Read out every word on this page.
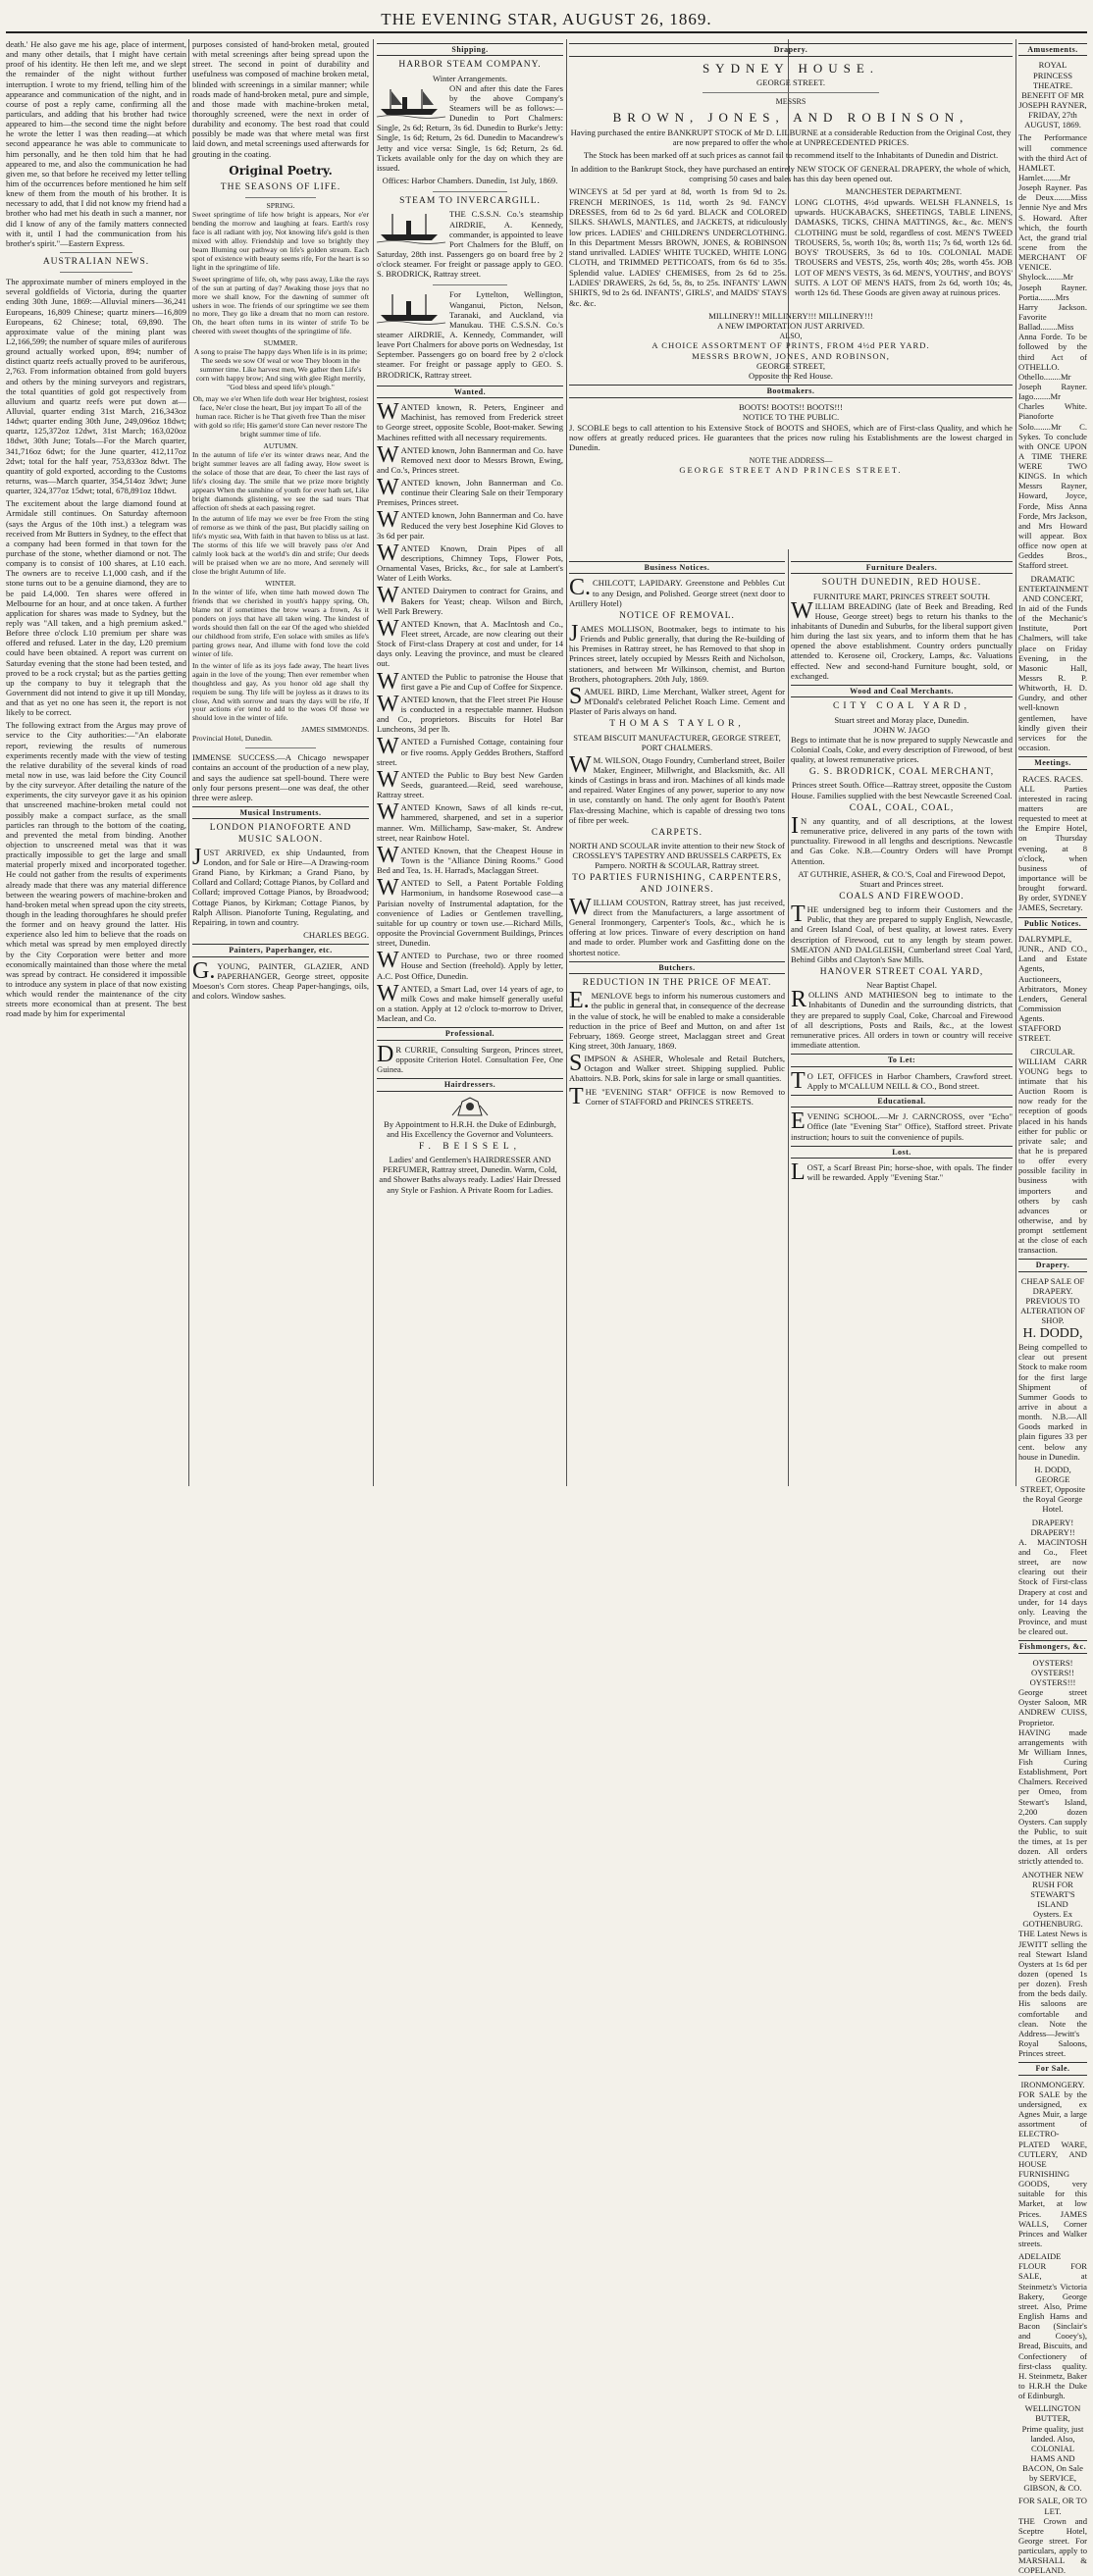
THE EVENING STAR, AUGUST 26, 1869.

death.' He also gave me his age, place of interment, and many other details, that I might have certain proof of his identity. He then left me, and we slept the remainder of the night without further interruption. I wrote to my friend, telling him of the appearance and communication of the night, and in course of post a reply came, confirming all the particulars, and adding that his brother had twice appeared to him—the second time the night before he wrote the letter I was then reading—at which second appearance he was able to communicate to him personally, and he then told him that he had appeared to me, and also the communication he had given me, so that before he received my letter telling him of the occurrences before mentioned he him self knew of them from the mouth of his brother. It is necessary to add, that I did not know my friend had a brother who had met his death in such a manner, nor did I know of any of the family matters connected with it, until I had the communication from his brother's spirit."—Eastern Express.

AUSTRALIAN NEWS.

The approximate number of miners employed in the several goldfields of Victoria, during the quarter ending 30th June, 1869:—Alluvial miners—36,241 Europeans, 16,809 Chinese; quartz miners—16,809 Europeans, 62 Chinese; total, 69,890. The approximate value of the mining plant was L2,166,599; the number of square miles of auriferous ground actually worked upon, 894; number of distinct quartz reefs actually proved to be auriferous, 2,763. From information obtained from gold buyers and others by the mining surveyors and registrars, the total quantities of gold got respectively from alluvium and quartz reefs were put down at—Alluvial, quarter ending 31st March, 216,343oz 14dwt; quarter ending 30th June, 249,096oz 18dwt; quartz, 125,372oz 12dwt, 31st March; 163,020oz 18dwt, 30th June; Totals—For the March quarter, 341,716oz 6dwt; for the June quarter, 412,117oz 2dwt; total for the half year, 753,833oz 8dwt. The quantity of gold exported, according to the Customs returns, was—March quarter, 354,514oz 3dwt; June quarter, 324,377oz 15dwt; total, 678,891oz 18dwt.

The excitement about the large diamond found at Armidale still continues. On Saturday afternoon (says the Argus of the 10th inst.) a telegram was received from Mr Butters in Sydney, to the effect that a company had been formed in that town for the purchase of the stone, whether diamond or not. The company is to consist of 100 shares, at L10 each. The owners are to receive L1,000 cash, and if the stone turns out to be a genuine diamond, they are to be paid L4,000. Ten shares were offered in Melbourne for an hour, and at once taken. A further application for shares was made to Sydney, but the reply was "All taken, and a high premium asked." Before three o'clock L10 premium per share was offered and refused. Later in the day, L20 premium could have been obtained. A report was current on Saturday evening that the stone had been tested, and proved to be a rock crystal; but as the parties getting up the company to buy it telegraph that the Government did not intend to give it up till Monday, and that as yet no one has seen it, the report is not likely to be correct.

The following extract from the Argus may prove of service to the City authorities:—"An elaborate report, reviewing the results of numerous experiments recently made with the view of testing the relative durability of the several kinds of road metal now in use, was laid before the City Council by the city surveyor. After detailing the nature of the experiments, the city surveyor gave it as his opinion that unscreened machine-broken metal could not possibly make a compact surface, as the small particles ran through to the bottom of the coating, and prevented the metal from binding. Another objection to unscreened metal was that it was practically impossible to get the large and small material properly mixed and incorporated together. He could not gather from the results of experiments already made that there was any material difference between the wearing powers of machine-broken and hand-broken metal when spread upon the city streets, though in the leading thoroughfares he should prefer the former and on heavy ground the latter. His experience also led him to believe that the roads on which metal was spread by men employed directly by the City Corporation were better and more economically maintained than those where the metal was spread by contract. He considered it impossible to introduce any system in place of that now existing which would render the maintenance of the city streets more economical than at present. The best road made by him for experimental

purposes consisted of hand-broken metal, grouted with metal screenings after being spread upon the street. The second in point of durability and usefulness was composed of machine broken metal, blinded with screenings in a similar manner; while roads made of hand-broken metal, pure and simple, and those made with machine-broken metal, thoroughly screened, were the next in order of durability and economy. The best road that could possibly be made was that where metal was first laid down, and metal screenings used afterwards for grouting in the coating.

Original Poetry.
THE SEASONS OF LIFE.
SPRING.

Sweet springtime of life how bright is appears, Nor e'er bending the morrow and laughing at fears. Earth's rosy face is all radiant with joy, Not knowing life's gold is then mixed with alloy. Friendship and love so brightly they beam Illuming our pathway on life's golden stream. Each spot of existence with beauty seems rife, For the heart is so light in the springtime of life.

Sweet springtime of life, oh, why pass away, Like the rays of the sun at parting of day? Awaking those joys that no more we shall know, For the dawning of summer oft ushers in woe. The friends of our springtime we see them no more, They go like a dream that no morn can restore. Oh, the heart often turns in its winter of strife To be cheered with sweet thoughts of the springtime of life.

SUMMER.

A song to praise The happy days When life is in its prime; The seeds we sow Of weal or woe They bloom in the summer time. Like harvest men, We gather then Life's corn with happy brow; And sing with glee Right merrily, "God bless and speed life's plough."

Oh, may we e'er When life doth wear Her brightest, rosiest face, Ne'er close the heart, But joy impart To all of the human race. Richer is he That giveth free Than the miser with gold so rife; His garner'd store Can never restore The bright summer time of life.

AUTUMN.

In the autumn of life e'er its winter draws near, And the bright summer leaves are all fading away, How sweet is the solace of those that are dear, To cheer the last rays of life's closing day. The smile that we prize more brightly appears When the sunshine of youth for ever hath set, Like bright diamonds glistening, we see the sad tears That affection oft sheds at each passing regret.

In the autumn of life may we ever be free From the sting of remorse as we think of the past, But placidly sailing on life's mystic sea, With faith in that haven to bliss us at last. The storms of this life we will bravely pass o'er And calmly look back at the world's din and strife; Our deeds will be praised when we are no more, And serenely will close the bright Autumn of life.

WINTER.

In the winter of life, when time hath mowed down The friends that we cherished in youth's happy spring, Oh, blame not if sometimes the brow wears a frown, As it ponders on joys that have all taken wing. The kindest of words should then fall on the ear Of the aged who shielded our childhood from strife, E'en solace with smiles as life's parting grows near, And illume with fond love the cold winter of life.

In the winter of life as its joys fade away, The heart lives again in the love of the young; Then ever remember when thoughtless and gay, As you honor old age shall thy requiem be sung. Thy life will be joyless as it draws to its close, And with sorrow and tears thy days will be rife, If your actions e'er tend to add to the woes Of those we should love in the winter of life.

JAMES SIMMONDS.
Provincial Hotel, Dunedin.

IMMENSE SUCCESS.—A Chicago newspaper contains an account of the production of a new play, and says the audience sat spell-bound. There were only four persons present—one was deaf, the other three were asleep.

Musical Instruments.
LONDON PIANOFORTE AND MUSIC SALOON.

JUST ARRIVED, ex ship Undaunted, from London, and for Sale or Hire—A Drawing-room Grand Piano, by Kirkman; a Grand Piano, by Collard and Collard; Cottage Pianos, by Collard and Collard; improved Cottage Pianos, by Broadwood; Cottage Pianos, by Kirkman; Cottage Pianos, by Ralph Allison. Pianoforte Tuning, Regulating, and Repairing, in town and country.

CHARLES BEGG.
Painters, Paperhanger, etc.

G.YOUNG, PAINTER, GLAZIER, AND PAPERHANGER, George street, opposite Moeson's Corn stores. Cheap Paper-hangings, oils, and colors. Window sashes.

Shipping.
HARBOR STEAM COMPANY.
Winter Arrangements.

ON and after this date the Fares by the above Company's Steamers will be as follows:— Dunedin to Port Chalmers: Single, 2s 6d; Return, 3s 6d. Dunedin to Burke's Jetty: Single, 1s 6d; Return, 2s 6d. Dunedin to Macandrew's Jetty and vice versa: Single, 1s 6d; Return, 2s 6d. Tickets available only for the day on which they are issued.

Offices: Harbor Chambers. Dunedin, 1st July, 1869.

STEAM TO INVERCARGILL.

THE C.S.S.N. Co.'s steamship AIRDRIE, A. Kennedy, commander, is appointed to leave Port Chalmers for the Bluff, on Saturday, 28th inst. Passengers go on board free by 2 o'clock steamer. For freight or passage apply to GEO. S. BRODRICK, Rattray street.

For Lyttelton, Wellington, Wanganui, Picton, Nelson, Taranaki, and Auckland, via Manukau. THE C.S.S.N. Co.'s steamer AIRDRIE, A. Kennedy, Commander, will leave Port Chalmers for above ports on Wednesday, 1st September. Passengers go on board free by 2 o'clock steamer. For freight or passage apply to GEO. S. BRODRICK, Rattray street.

Wanted.

WANTED known, R. Peters, Engineer and Machinist, has removed from Frederick street to George street, opposite Scoble, Boot-maker. Sewing Machines refitted with all necessary requirements.

WANTED known, John Bannerman and Co. have Removed next door to Messrs Brown, Ewing, and Co.'s, Princes street.

WANTED known, John Bannerman and Co. continue their Clearing Sale on their Temporary Premises, Princes street.

WANTED known, John Bannerman and Co. have Reduced the very best Josephine Kid Gloves to 3s 6d per pair.

WANTED Known, Drain Pipes of all descriptions, Chimney Tops, Flower Pots, Ornamental Vases, Bricks, &c., for sale at Lambert's Water of Leith Works.

WANTED Dairymen to contract for Grains, and Bakers for Yeast; cheap. Wilson and Birch, Well Park Brewery.

WANTED Known, that A. MacIntosh and Co., Fleet street, Arcade, are now clearing out their Stock of First-class Drapery at cost and under, for 14 days only. Leaving the province, and must be cleared out.

WANTED the Public to patronise the House that first gave a Pie and Cup of Coffee for Sixpence.

WANTED known, that the Fleet street Pie House is conducted in a respectable manner. Hudson and Co., proprietors. Biscuits for Hotel Bar Luncheons, 3d per lb.

WANTED a Furnished Cottage, containing four or five rooms. Apply Geddes Brothers, Stafford street.

WANTED the Public to Buy best New Garden Seeds, guaranteed.—Reid, seed warehouse, Rattray street.

WANTED Known, Saws of all kinds re-cut, hammered, sharpened, and set in a superior manner. Wm. Millichamp, Saw-maker, St. Andrew street, near Rainbow Hotel.

WANTED Known, that the Cheapest House in Town is the "Alliance Dining Rooms." Good Bed and Tea, 1s. H. Harrad's, Maclaggan Street.

WANTED to Sell, a Patent Portable Folding Harmonium, in handsome Rosewood case—a Parisian novelty of Instrumental adaptation, for the convenience of Ladies or Gentlemen travelling, suitable for up country or town use.—Richard Mills, opposite the Provincial Government Buildings, Princes street, Dunedin.

WANTED to Purchase, two or three roomed House and Section (freehold). Apply by letter, A.C. Post Office, Dunedin.

WANTED, a Smart Lad, over 14 years of age, to milk Cows and make himself generally useful on a station. Apply at 12 o'clock to-morrow to Driver, Maclean, and Co.

Professional.

DR CURRIE, Consulting Surgeon, Princes street, opposite Criterion Hotel. Consultation Fee, One Guinea.

Hairdressers.

By Appointment to H.R.H. the Duke of Edinburgh, and His Excellency the Governor and Volunteers.

F. BEISSEL,

Ladies' and Gentlemen's HAIRDRESSER AND PERFUMER, Rattray street, Dunedin. Warm, Cold, and Shower Baths always ready. Ladies' Hair Dressed any Style or Fashion. A Private Room for Ladies.

Drapery.
SYDNEY HOUSE.
GEORGE STREET.
MESSRS
BROWN, JONES, AND ROBINSON,

Having purchased the entire BANKRUPT STOCK of Mr D. LILBURNE at a considerable Reduction from the Original Cost, they are now prepared to offer the whole at UNPRECEDENTED PRICES.

The Stock has been marked off at such prices as cannot fail to recommend itself to the Inhabitants of Dunedin and District.

In addition to the Bankrupt Stock, they have purchased an entirely NEW STOCK OF GENERAL DRAPERY, the whole of which, comprising 50 cases and bales has this day been opened out.

WINCEYS at 5d per yard at 8d, worth 1s from 9d to 2s. FRENCH MERINOES, 1s 11d, worth 2s 9d. FANCY DRESSES, from 6d to 2s 6d yard. BLACK and COLORED SILKS. SHAWLS, MANTLES, and JACKETS, at ridiculously low prices. LADIES' and CHILDREN'S UNDERCLOTHING. In this Department Messrs BROWN, JONES, & ROBINSON stand unrivalled. LADIES' WHITE TUCKED, WHITE LONG CLOTH, and TRIMMED PETTICOATS, from 6s 6d to 35s. Splendid value. LADIES' CHEMISES, from 2s 6d to 25s. LADIES' DRAWERS, 2s 6d, 5s, 8s, to 25s. INFANTS' LAWN SHIRTS, 9d to 2s 6d. INFANTS', GIRLS', and MAIDS' STAYS &c. &c.

MANCHESTER DEPARTMENT.

LONG CLOTHS, 4½d upwards. WELSH FLANNELS, 1s upwards. HUCKABACKS, SHEETINGS, TABLE LINENS, DAMASKS, TICKS, CHINA MATTINGS, &c., &c. MEN'S CLOTHING must be sold, regardless of cost. MEN'S TWEED TROUSERS, 5s, worth 10s; 8s, worth 11s; 7s 6d, worth 12s 6d. BOYS' TROUSERS, 3s 6d to 10s. COLONIAL MADE TROUSERS and VESTS, 25s, worth 40s; 28s, worth 45s. JOB LOT OF MEN'S VESTS, 3s 6d. MEN'S, YOUTHS', and BOYS' SUITS. A LOT OF MEN'S HATS, from 2s 6d, worth 10s; 4s, worth 12s 6d. These Goods are given away at ruinous prices.

MILLINERY!! MILLINERY!!! MILLINERY!!!
A NEW IMPORTATION JUST ARRIVED.
ALSO,
A CHOICE ASSORTMENT OF PRINTS, FROM 4½d PER YARD.
MESSRS BROWN, JONES, AND ROBINSON,
GEORGE STREET,
Opposite the Red House.
Bootmakers.
BOOTS! BOOTS!! BOOTS!!!
NOTICE TO THE PUBLIC.

J. SCOBLE begs to call attention to his Extensive Stock of BOOTS and SHOES, which are of First-class Quality, and which he now offers at greatly reduced prices. He guarantees that the prices now ruling his Establishments are the lowest charged in Dunedin.

NOTE THE ADDRESS—
GEORGE STREET AND PRINCES STREET.
Business Notices.

C.CHILCOTT, LAPIDARY. Greenstone and Pebbles Cut to any Design, and Polished. George street (next door to Artillery Hotel)

NOTICE OF REMOVAL.

JAMES MOLLISON, Bootmaker, begs to intimate to his Friends and Public generally, that during the Re-building of his Premises in Rattray street, he has Removed to that shop in Princes street, lately occupied by Messrs Reith and Nicholson, stationers, and between Mr Wilkinson, chemist, and Burton Brothers, photographers. 20th July, 1869.

SAMUEL BIRD, Lime Merchant, Walker street, Agent for M'Donald's celebrated Pelichet Roach Lime. Cement and Plaster of Paris always on hand.

THOMAS TAYLOR,

STEAM BISCUIT MANUFACTURER, GEORGE STREET, PORT CHALMERS.

WM. WILSON, Otago Foundry, Cumberland street, Boiler Maker, Engineer, Millwright, and Blacksmith, &c. All kinds of Castings in brass and iron. Machines of all kinds made and repaired. Water Engines of any power, superior to any now in use, constantly on hand. The only agent for Booth's Patent Flax-dressing Machine, which is capable of dressing two tons of fibre per week.

CARPETS.

NORTH AND SCOULAR invite attention to their new Stock of CROSSLEY'S TAPESTRY AND BRUSSELS CARPETS, Ex Pampero. NORTH & SCOULAR, Rattray street.

TO PARTIES FURNISHING, CARPENTERS, AND JOINERS.

WILLIAM COUSTON, Rattray street, has just received, direct from the Manufacturers, a large assortment of General Ironmongery, Carpenter's Tools, &c., which he is offering at low prices. Tinware of every description on hand and made to order. Plumber work and Gasfitting done on the shortest notice.

Butchers.
REDUCTION IN THE PRICE OF MEAT.

E.MENLOVE begs to inform his numerous customers and the public in general that, in consequence of the decrease in the value of stock, he will be enabled to make a considerable reduction in the price of Beef and Mutton, on and after 1st February, 1869. George street, Maclaggan street and Great King street, 30th January, 1869.

SIMPSON & ASHER, Wholesale and Retail Butchers, Octagon and Walker street. Shipping supplied. Public Abattoirs. N.B. Pork, skins for sale in large or small quantities.

THE "EVENING STAR" OFFICE is now Removed to Corner of STAFFORD and PRINCES STREETS.

Furniture Dealers.
SOUTH DUNEDIN, RED HOUSE.
FURNITURE MART, PRINCES STREET SOUTH.

WILLIAM BREADING (late of Beek and Breading, Red House, George street) begs to return his thanks to the inhabitants of Dunedin and Suburbs, for the liberal support given him during the last six years, and to inform them that he has opened the above establishment. Country orders punctually attended to. Kerosene oil, Crockery, Lamps, &c. Valuations effected. New and second-hand Furniture bought, sold, or exchanged.

Wood and Coal Merchants.
CITY COAL YARD,
Stuart street and Moray place, Dunedin.
JOHN W. JAGO

Begs to intimate that he is now prepared to supply Newcastle and Colonial Coals, Coke, and every description of Firewood, of best quality, at lowest remunerative prices.

G. S. BRODRICK, COAL MERCHANT,

Princes street South. Office—Rattray street, opposite the Custom House. Families supplied with the best Newcastle Screened Coal.

COAL, COAL, COAL,

IN any quantity, and of all descriptions, at the lowest remunerative price, delivered in any parts of the town with punctuality. Firewood in all lengths and descriptions. Newcastle and Gas Coke. N.B.—Country Orders will have Prompt Attention.

AT GUTHRIE, ASHER, & CO.'S, Coal and Firewood Depot, Stuart and Princes street.

COALS AND FIREWOOD.

THE undersigned beg to inform their Customers and the Public, that they are prepared to supply English, Newcastle, and Green Island Coal, of best quality, at lowest rates. Every description of Firewood, cut to any length by steam power. SMEATON AND DALGLEISH, Cumberland street Coal Yard, Behind Gibbs and Clayton's Saw Mills.

HANOVER STREET COAL YARD,
Near Baptist Chapel.

ROLLINS AND MATHIESON beg to intimate to the Inhabitants of Dunedin and the surrounding districts, that they are prepared to supply Coal, Coke, Charcoal and Firewood of all descriptions, Posts and Rails, &c., at the lowest remunerative prices. All orders in town or country will receive immediate attention.

To Let:

TO LET, OFFICES in Harbor Chambers, Crawford street. Apply to M'CALLUM NEILL & CO., Bond street.

Educational.

EVENING SCHOOL.—Mr J. CARNCROSS, over "Echo" Office (late "Evening Star" Office), Stafford street. Private instruction; hours to suit the convenience of pupils.

Lost.

LOST, a Scarf Breast Pin; horse-shoe, with opals. The finder will be rewarded. Apply "Evening Star."

Amusements.
ROYAL PRINCESS THEATRE.

BENEFIT OF MR JOSEPH RAYNER, FRIDAY, 27th AUGUST, 1869.

The Performance will commence with the third Act of HAMLET. Hamlet........Mr Joseph Rayner. Pas de Deux........Miss Jennie Nye and Mrs S. Howard. After which, the fourth Act, the grand trial scene from the MERCHANT OF VENICE. Shylock........Mr Joseph Rayner. Portia........Mrs Harry Jackson. Favorite Ballad........Miss Anna Forde. To be followed by the third Act of OTHELLO. Othello........Mr Joseph Rayner. Iago........Mr Charles White. Pianoforte Solo........Mr C. Sykes. To conclude with ONCE UPON A TIME THERE WERE TWO KINGS. In which Messrs Rayner, Howard, Joyce, Forde, Miss Anna Forde, Mrs Jackson, and Mrs Howard will appear. Box office now open at Geddes Bros., Stafford street.

DRAMATIC ENTERTAINMENT AND CONCERT,

In aid of the Funds of the Mechanic's Institute, Port Chalmers, will take place on Friday Evening, in the Masonic Hall, Messrs R. P. Whitworth, H. D. Gundry, and other well-known gentlemen, have kindly given their services for the occasion.

Meetings.
RACES. RACES.

ALL Parties interested in racing matters are requested to meet at the Empire Hotel, on Thursday evening, at 8 o'clock, when business of importance will be brought forward. By order, SYDNEY JAMES, Secretary.

Public Notices.

DALRYMPLE, JUNR., AND CO., Land and Estate Agents, Auctioneers, Arbitrators, Money Lenders, General Commission Agents. STAFFORD STREET.

CIRCULAR.

WILLIAM CARR YOUNG begs to intimate that his Auction Room is now ready for the reception of goods placed in his hands either for public or private sale; and that he is prepared to offer every possible facility in business with importers and others by cash advances or otherwise, and by prompt settlement at the close of each transaction.

Drapery.
CHEAP SALE OF DRAPERY.
PREVIOUS TO ALTERATION OF SHOP.
H. DODD,

Being compelled to clear out present Stock to make room for the first large Shipment of Summer Goods to arrive in about a month. N.B.—All Goods marked in plain figures 33 per cent. below any house in Dunedin.

H. DODD, GEORGE STREET, Opposite the Royal George Hotel.

DRAPERY! DRAPERY!!

A. MACINTOSH and Co., Fleet street, are now clearing out their Stock of First-class Drapery at cost and under, for 14 days only. Leaving the Province, and must be cleared out.

Fishmongers, &c.
OYSTERS! OYSTERS!! OYSTERS!!!

George street Oyster Saloon, MR ANDREW CUISS, Proprietor. HAVING made arrangements with Mr William Innes, Fish Curing Establishment, Port Chalmers. Received per Omeo, from Stewart's Island, 2,200 dozen Oysters. Can supply the Public, to suit the times, at 1s per dozen. All orders strictly attended to.

ANOTHER NEW RUSH FOR STEWART'S ISLAND
Oysters. Ex GOTHENBURG.

THE Latest News is JEWITT selling the real Stewart Island Oysters at 1s 6d per dozen (opened 1s per dozen). Fresh from the beds daily. His saloons are comfortable and clean. Note the Address—Jewitt's Royal Saloons, Princes street.

For Sale.
IRONMONGERY.

FOR SALE by the undersigned, ex Agnes Muir, a large assortment of ELECTRO-PLATED WARE, CUTLERY, AND HOUSE FURNISHING GOODS, very suitable for this Market, at low Prices. JAMES WALLS, Corner Princes and Walker streets.

ADELAIDE FLOUR FOR SALE, at Steinmetz's Victoria Bakery, George street. Also, Prime English Hams and Bacon (Sinclair's and Cooey's), Bread, Biscuits, and Confectionery of first-class quality. H. Steinmetz, Baker to H.R.H the Duke of Edinburgh.

WELLINGTON BUTTER,

Prime quality, just landed. Also, COLONIAL HAMS AND BACON, On Sale by SERVICE, GIBSON, & CO.

FOR SALE, OR TO LET.

THE Crown and Sceptre Hotel, George street. For particulars, apply to MARSHALL & COPELAND.
